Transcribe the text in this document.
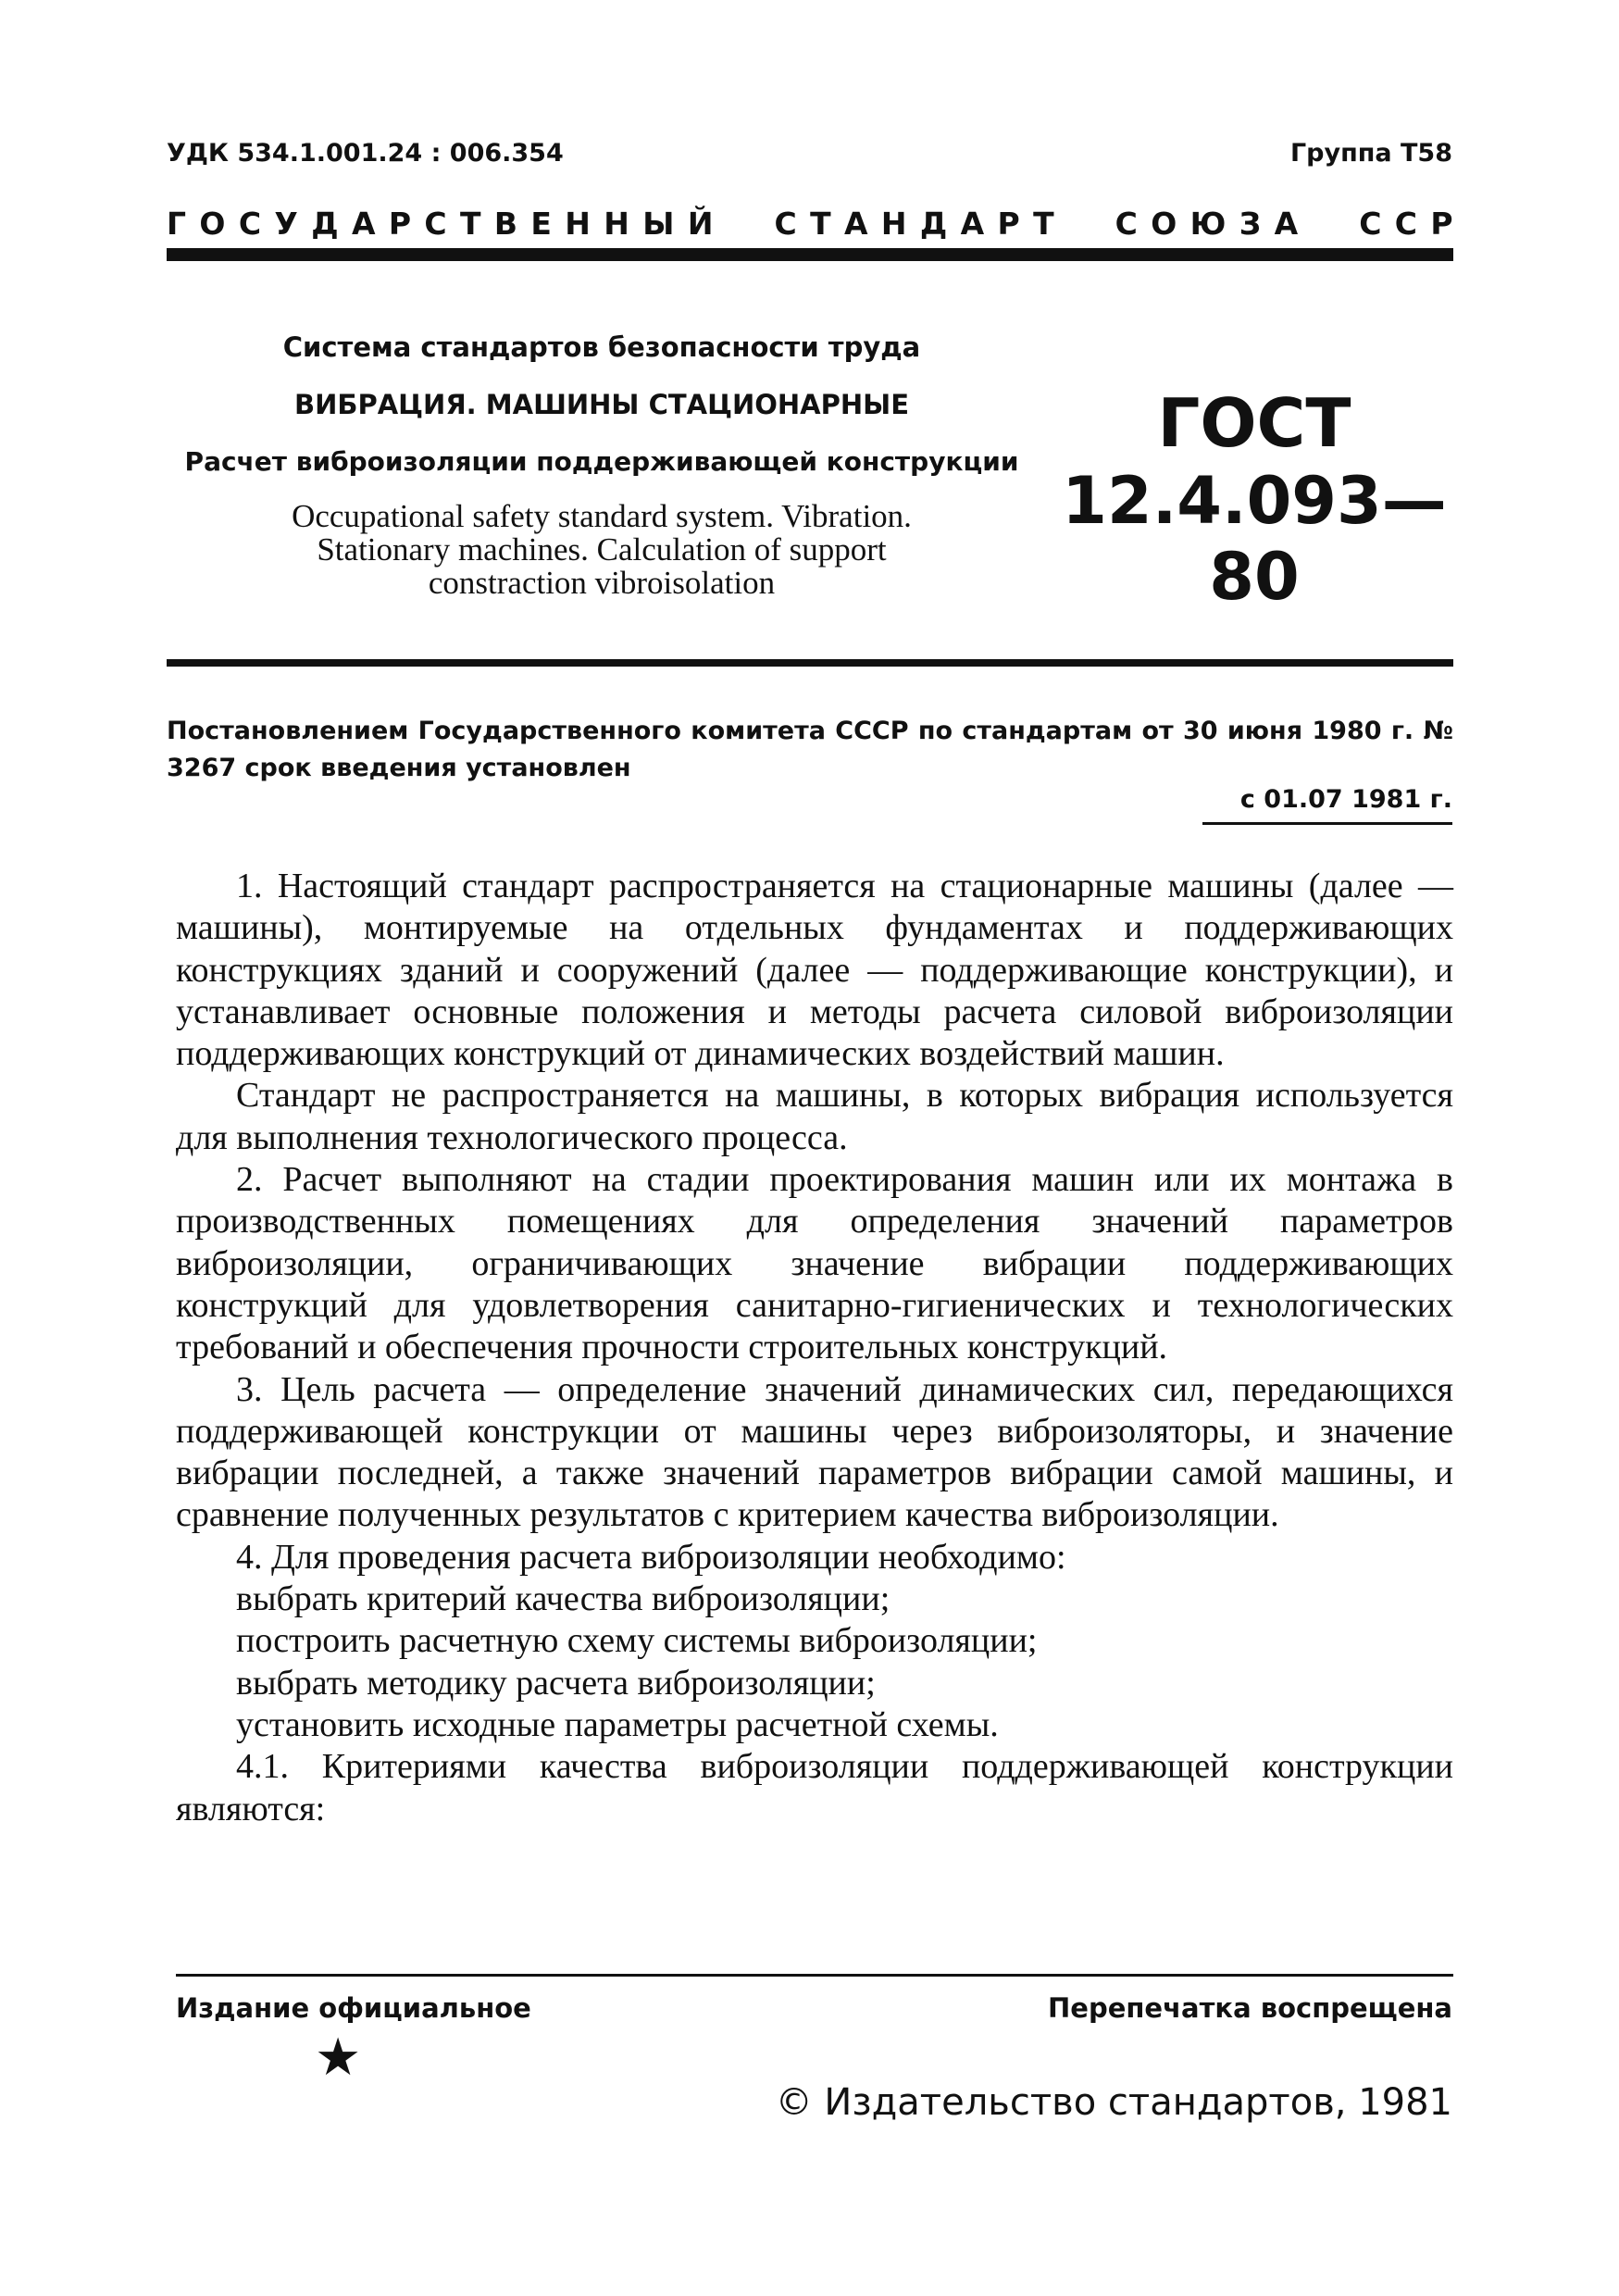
УДК 534.1.001.24 : 006.354	Группа Т58
Г О С У Д А Р С Т В Е Н Н Ы Й

С Т А Н Д А Р Т

С О Ю З А

С С Р
Система стандартов безопасности труда
ВИБРАЦИЯ. МАШИНЫ СТАЦИОНАРНЫЕ
Расчет виброизоляции поддерживающей конструкции
Occupational safety standard system. Vibration.
Stationary machines. Calculation of support
constraction vibroisolation
ГОСТ
12.4.093—80
Постановлением Государственного комитета СССР по стандартам от 30 июня 1980 г. № 3267 срок введения установлен
с 01.07 1981 г.

1. Настоящий стандарт распространяется на стационарные машины (далее — машины), монтируемые на отдельных фундаментах и поддерживающих конструкциях зданий и сооружений (далее — поддерживающие конструкции), и устанавливает основные положения и методы расчета силовой виброизоляции поддерживающих конструкций от динамических воздействий машин.

Стандарт не распространяется на машины, в которых вибрация используется для выполнения технологического процесса.

2. Расчет выполняют на стадии проектирования машин или их монтажа в производственных помещениях для определения значений параметров виброизоляции, ограничивающих значение вибрации поддерживающих конструкций для удовлетворения санитарно-гигиенических и технологических требований и обеспечения прочности строительных конструкций.

3. Цель расчета — определение значений динамических сил, передающихся поддерживающей конструкции от машины через виброизоляторы, и значение вибрации последней, а также значений параметров вибрации самой машины, и сравнение полученных результатов с критерием качества виброизоляции.

4. Для проведения расчета виброизоляции необходимо:

выбрать критерий качества виброизоляции;

построить расчетную схему системы виброизоляции;

выбрать методику расчета виброизоляции;

установить исходные параметры расчетной схемы.

4.1. Критериями качества виброизоляции поддерживающей конструкции являются:

Издание официальное	Перепечатка воспрещена
★
© Издательство стандартов, 1981
